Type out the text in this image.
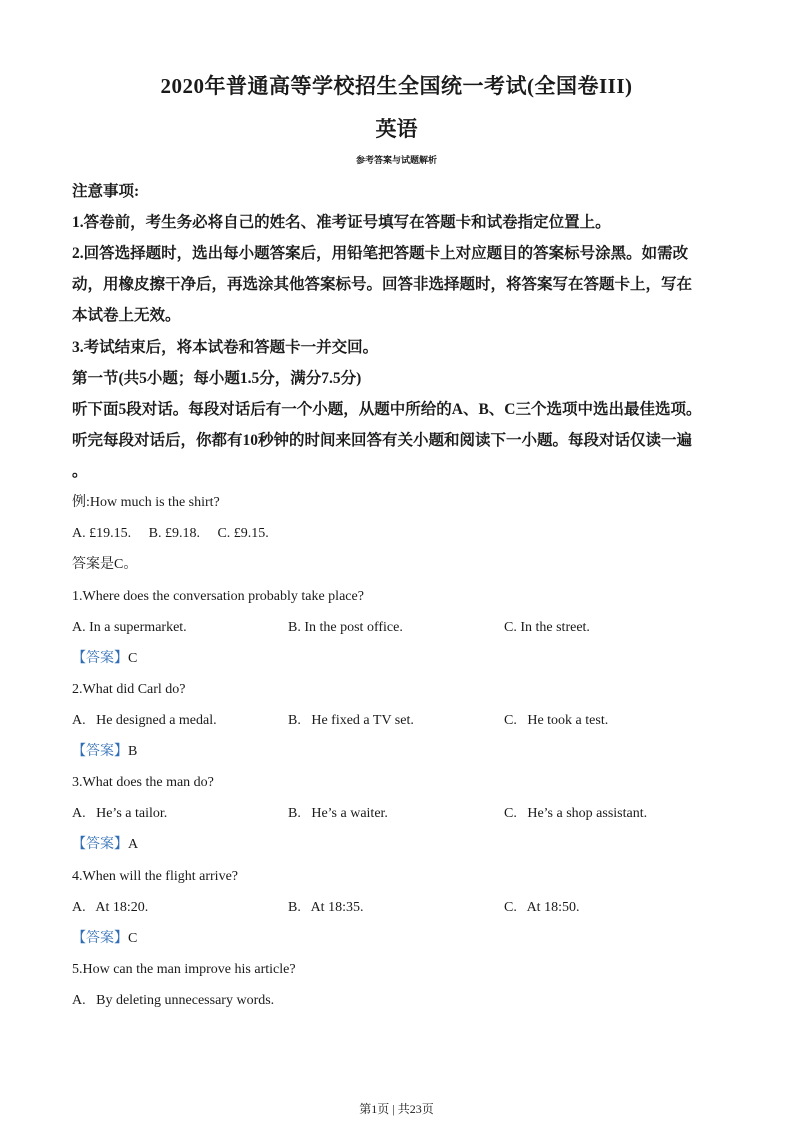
2020年普通高等学校招生全国统一考试(全国卷III)
英语
参考答案与试题解析
注意事项:
1.答卷前，考生务必将自己的姓名、准考证号填写在答题卡和试卷指定位置上。
2.回答选择题时，选出每小题答案后，用铅笔把答题卡上对应题目的答案标号涂黑。如需改
动，用橡皮擦干净后，再选涂其他答案标号。回答非选择题时，将答案写在答题卡上，写在
本试卷上无效。
3.考试结束后，将本试卷和答题卡一并交回。
第一节(共5小题；每小题1.5分，满分7.5分)
听下面5段对话。每段对话后有一个小题，从题中所给的A、B、C三个选项中选出最佳选项。
听完每段对话后，你都有10秒钟的时间来回答有关小题和阅读下一小题。每段对话仅读一遍
。
例:How much is the shirt?
A. £19.15.     B. £9.18.     C. £9.15.
答案是C。
1.Where does the conversation probably take place?
A. In a supermarket.	B. In the post office.	C. In the street.
【答案】C
2.What did Carl do?
A.   He designed a medal.	B.   He fixed a TV set.	C.   He took a test.
【答案】B
3.What does the man do?
A.   He’s a tailor.	B.   He’s a waiter.	C.   He’s a shop assistant.
【答案】A
4.When will the flight arrive?
A.   At 18:20.	B.   At 18:35.	C.   At 18:50.
【答案】C
5.How can the man improve his article?
A.   By deleting unnecessary words.
第1页 | 共23页
